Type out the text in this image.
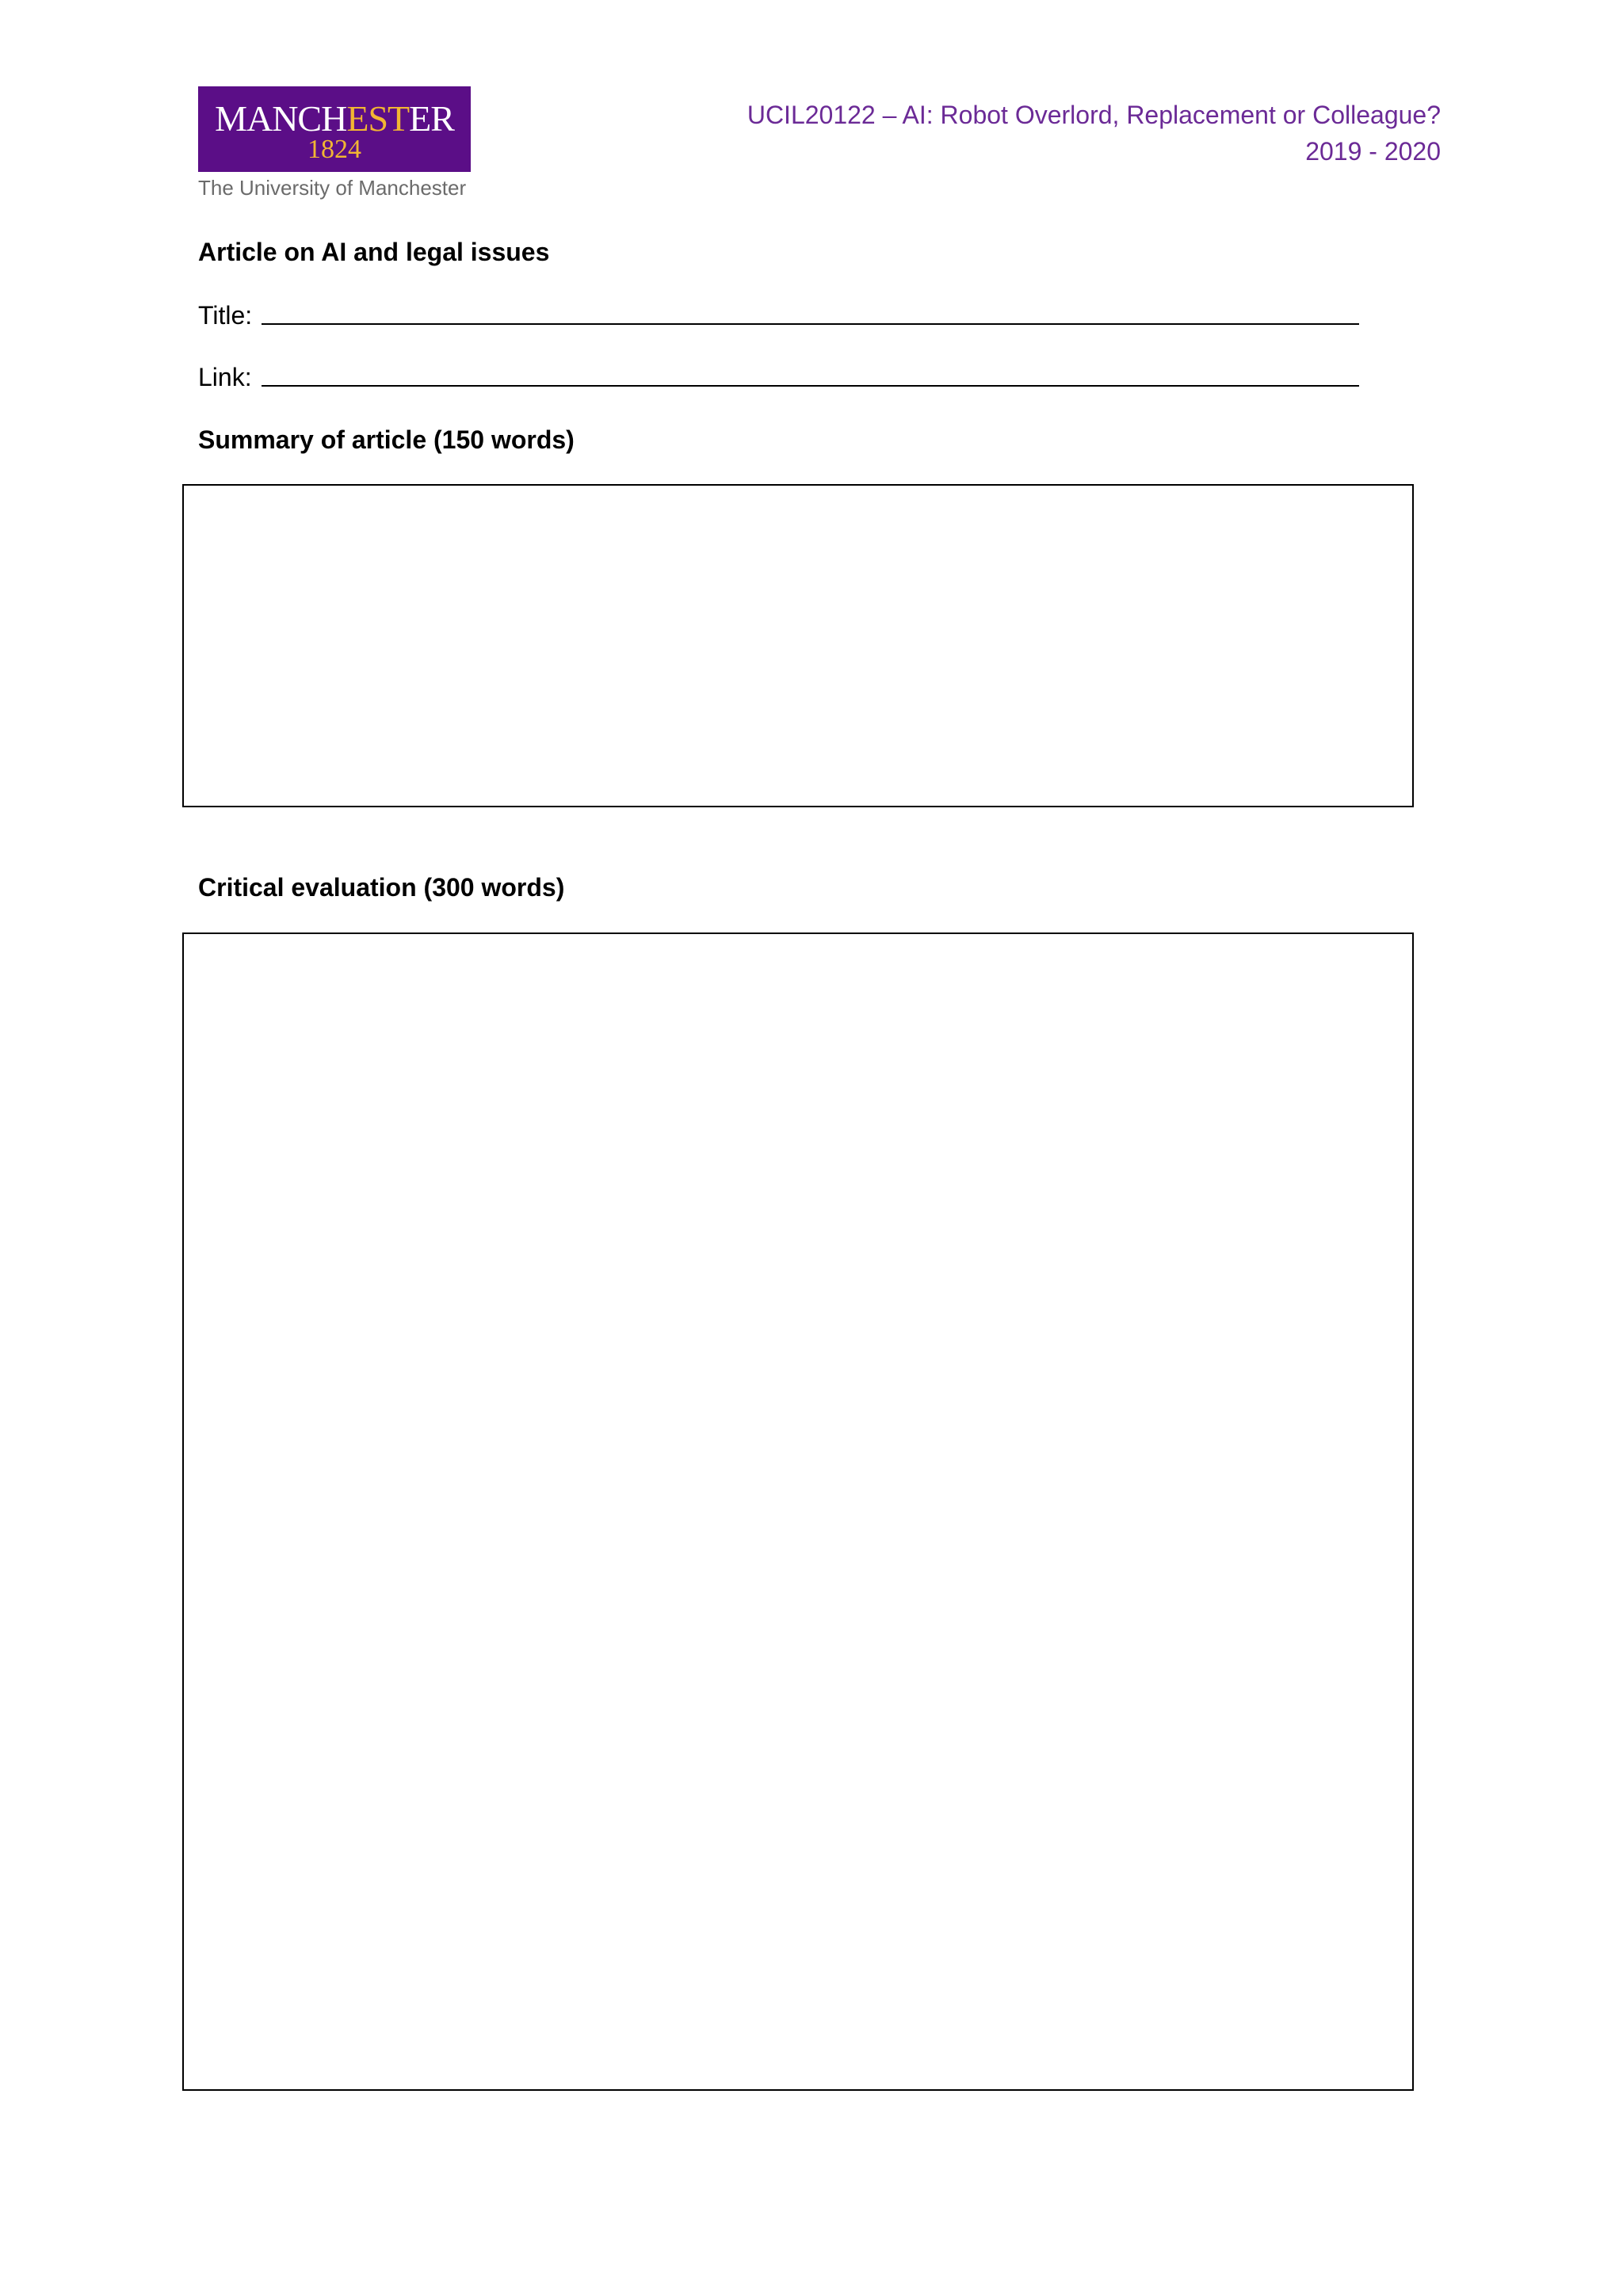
MANCHESTER
1824
The University of Manchester
UCIL20122 – AI: Robot Overlord, Replacement or Colleague?
2019 - 2020
Article on AI and legal issues
Title:
Link:
Summary of article (150 words)
Critical evaluation (300 words)
